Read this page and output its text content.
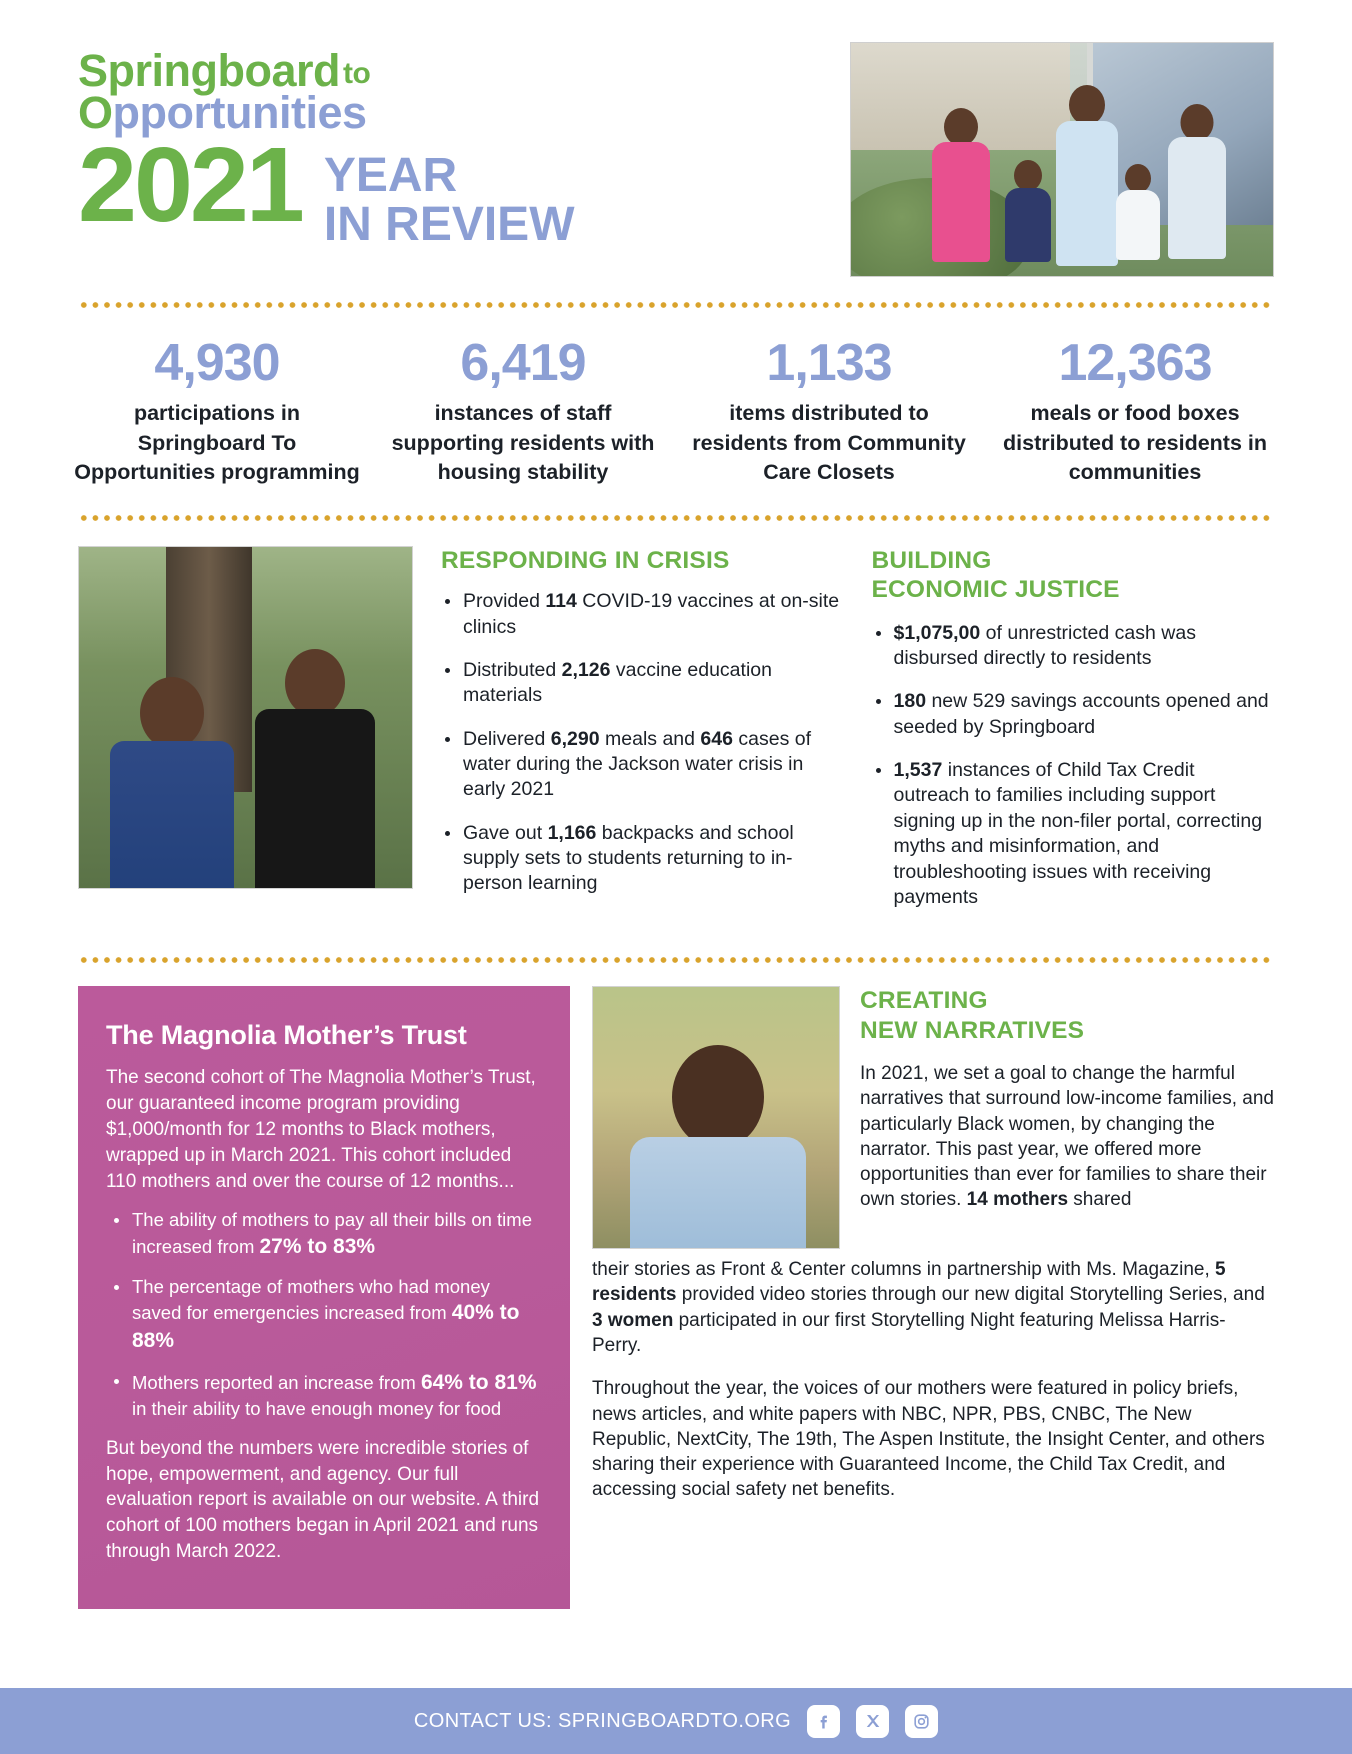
Springboard to
Opportunities
2021 YEAR
IN REVIEW
4,930
participations in Springboard To Opportunities programming
6,419
instances of staff supporting residents with housing stability
1,133
items distributed to residents from Community Care Closets
12,363
meals or food boxes distributed to residents in communities
RESPONDING IN CRISIS
Provided 114 COVID-19 vaccines at on-site clinics
Distributed 2,126 vaccine education materials
Delivered 6,290 meals and 646 cases of water during the Jackson water crisis in early 2021
Gave out 1,166 backpacks and school supply sets to students returning to in-person learning
BUILDING
ECONOMIC JUSTICE
$1,075,00 of unrestricted cash was disbursed directly to residents
180 new 529 savings accounts opened and seeded by Springboard
1,537 instances of Child Tax Credit outreach to families including support signing up in the non-filer portal, correcting myths and misinformation, and troubleshooting issues with receiving payments
The Magnolia Mother’s Trust
The second cohort of The Magnolia Mother’s Trust, our guaranteed income program providing $1,000/month for 12 months to Black mothers, wrapped up in March 2021. This cohort included 110 mothers and over the course of 12 months...
The ability of mothers to pay all their bills on time increased from 27% to 83%
The percentage of mothers who had money saved for emergencies increased from 40% to 88%
Mothers reported an increase from 64% to 81% in their ability to have enough money for food
But beyond the numbers were incredible stories of hope, empowerment, and agency. Our full evaluation report is available on our website. A third cohort of 100 mothers began in April 2021 and runs through March 2022.
CREATING
NEW NARRATIVES
In 2021, we set a goal to change the harmful narratives that surround low-income families, and particularly Black women, by changing the narrator. This past year, we offered more opportunities than ever for families to share their own stories. 14 mothers shared
their stories as Front & Center columns in partnership with Ms. Magazine, 5 residents provided video stories through our new digital Storytelling Series, and 3 women participated in our first Storytelling Night featuring Melissa Harris-Perry.
Throughout the year, the voices of our mothers were featured in policy briefs, news articles, and white papers with NBC, NPR, PBS, CNBC, The New Republic, NextCity, The 19th, The Aspen Institute, the Insight Center, and others sharing their experience with Guaranteed Income, the Child Tax Credit, and accessing social safety net benefits.
CONTACT US: SPRINGBOARDTO.ORG
